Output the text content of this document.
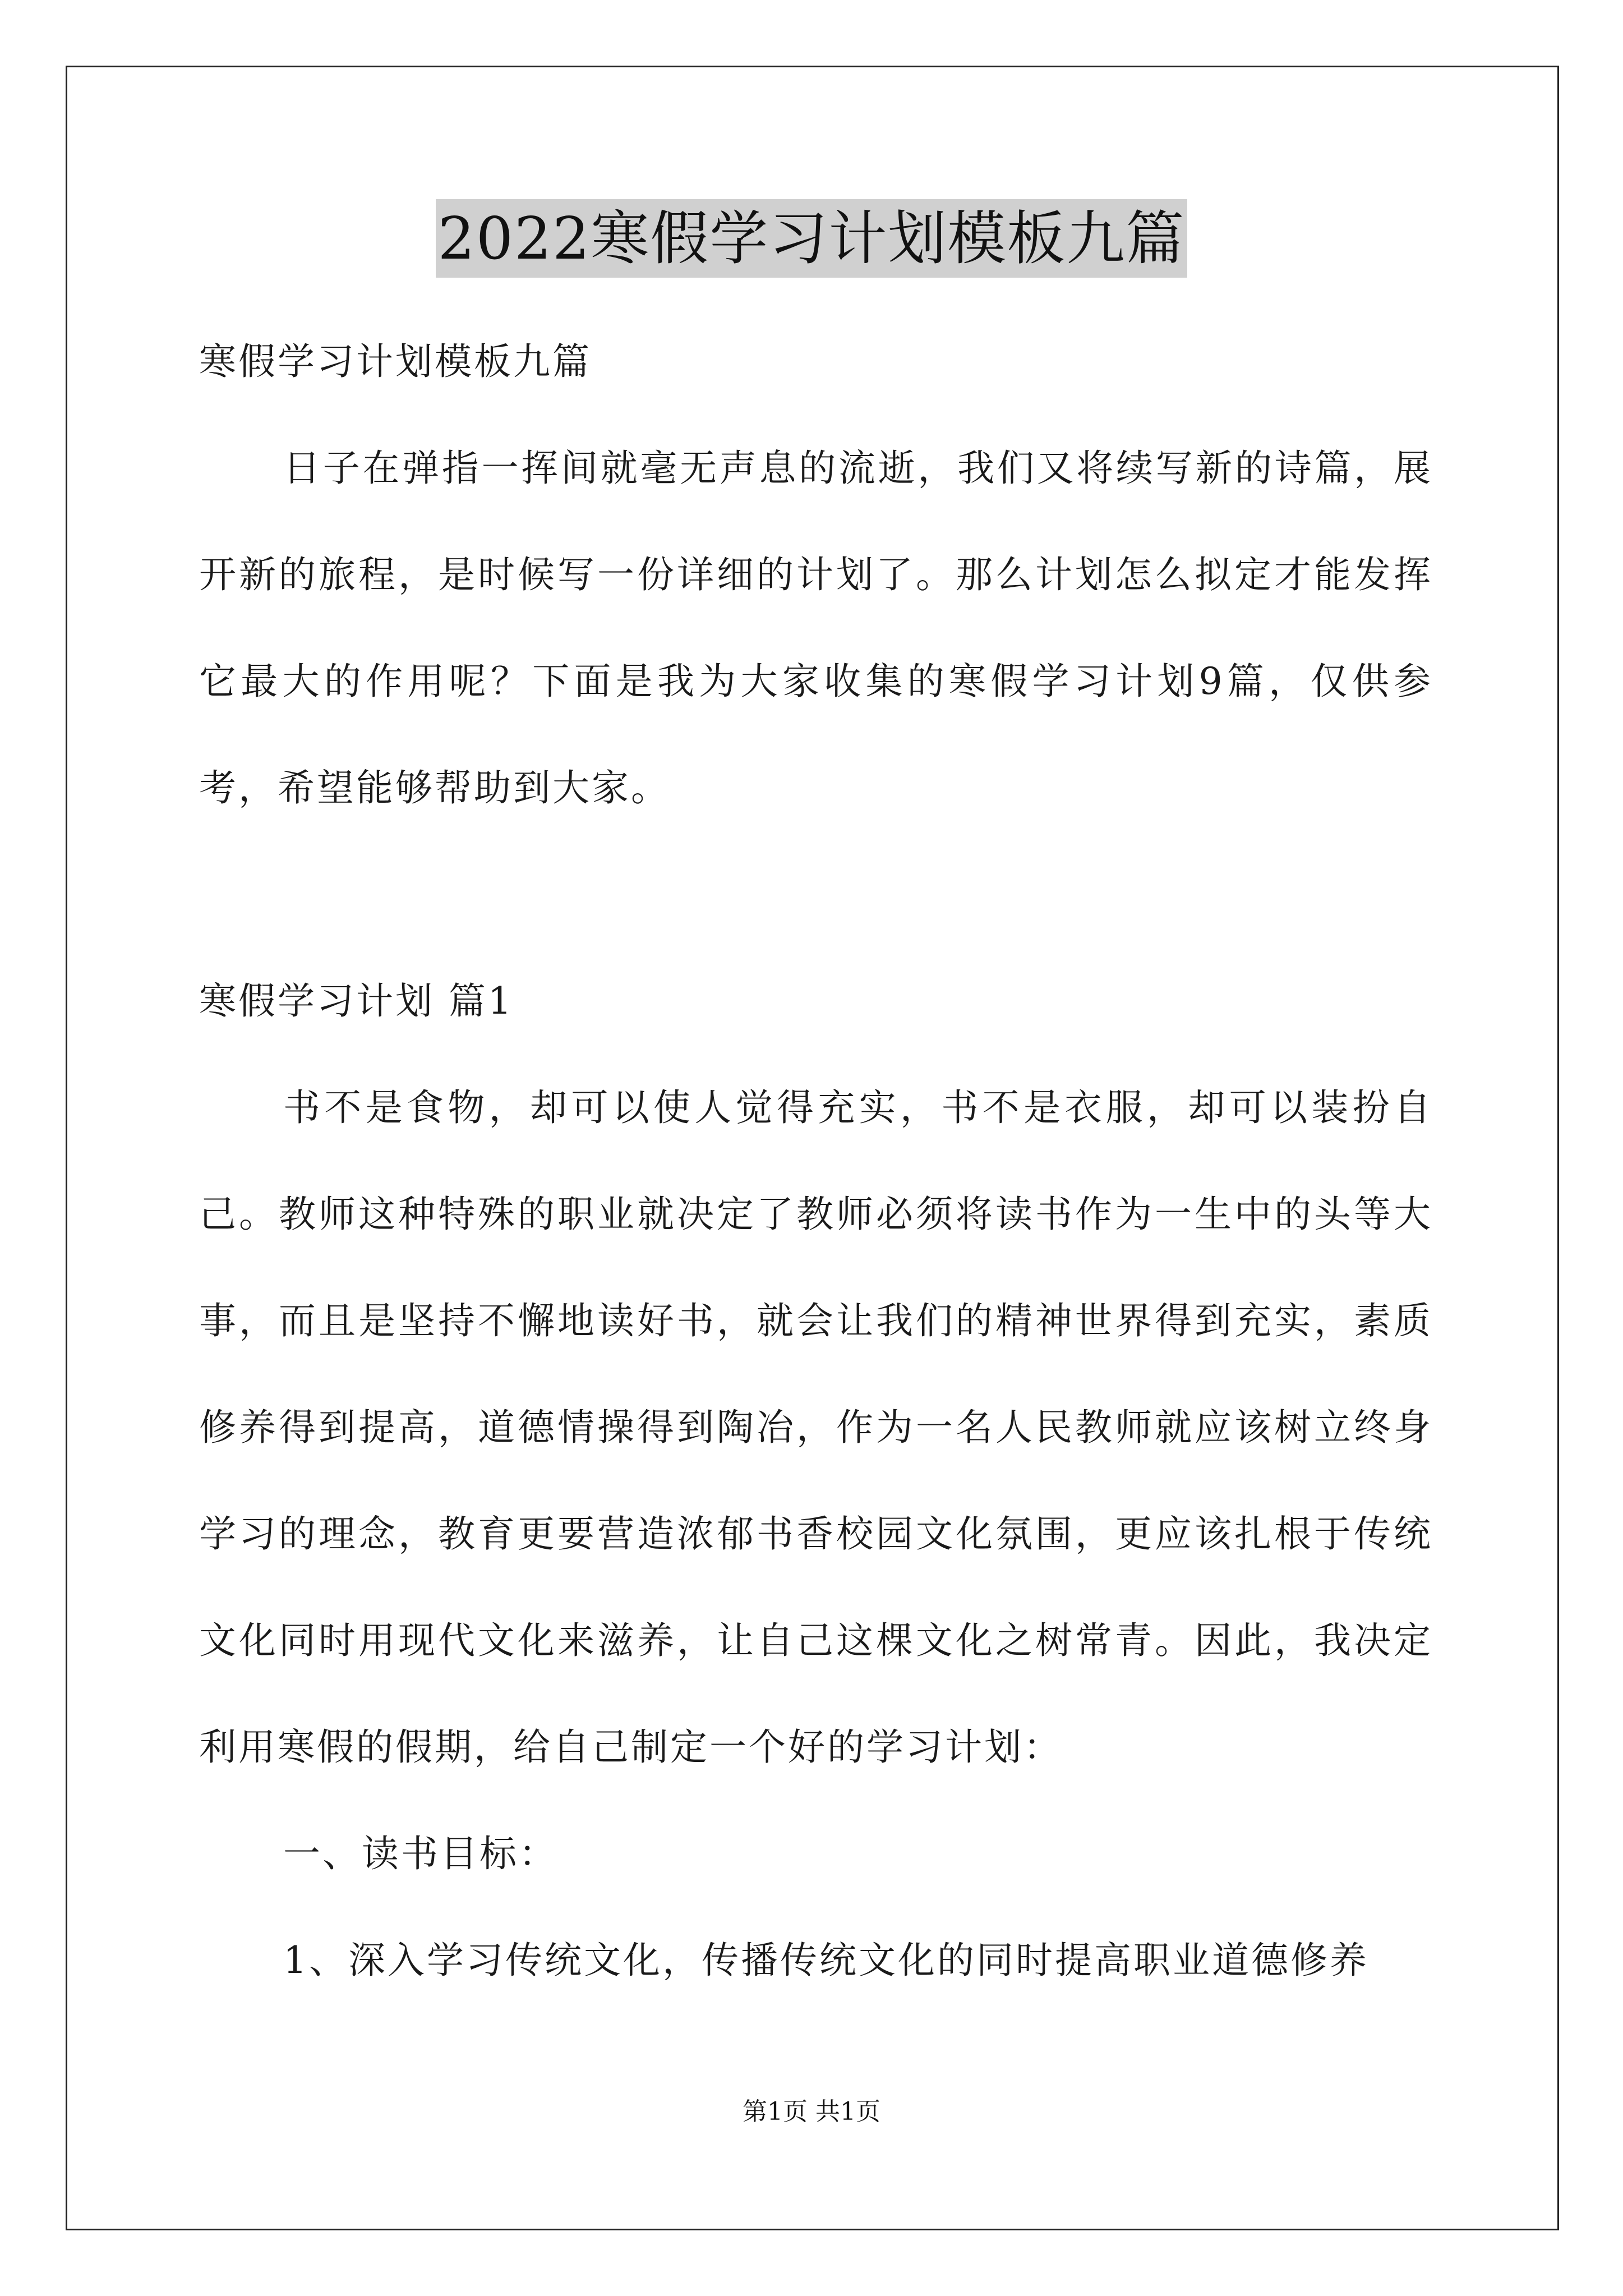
2022寒假学习计划模板九篇
寒假学习计划模板九篇

日子在弹指一挥间就毫无声息的流逝，我们又将续写新的诗篇，展开新的旅程，是时候写一份详细的计划了。那么计划怎么拟定才能发挥它最大的作用呢？下面是我为大家收集的寒假学习计划9篇，仅供参考，希望能够帮助到大家。

寒假学习计划 篇1

书不是食物，却可以使人觉得充实，书不是衣服，却可以装扮自己。教师这种特殊的职业就决定了教师必须将读书作为一生中的头等大事，而且是坚持不懈地读好书，就会让我们的精神世界得到充实，素质修养得到提高，道德情操得到陶冶，作为一名人民教师就应该树立终身学习的理念，教育更要营造浓郁书香校园文化氛围，更应该扎根于传统文化同时用现代文化来滋养，让自己这棵文化之树常青。因此，我决定利用寒假的假期，给自己制定一个好的学习计划：

一、读书目标：

1、深入学习传统文化，传播传统文化的同时提高职业道德修养

第1页 共1页
